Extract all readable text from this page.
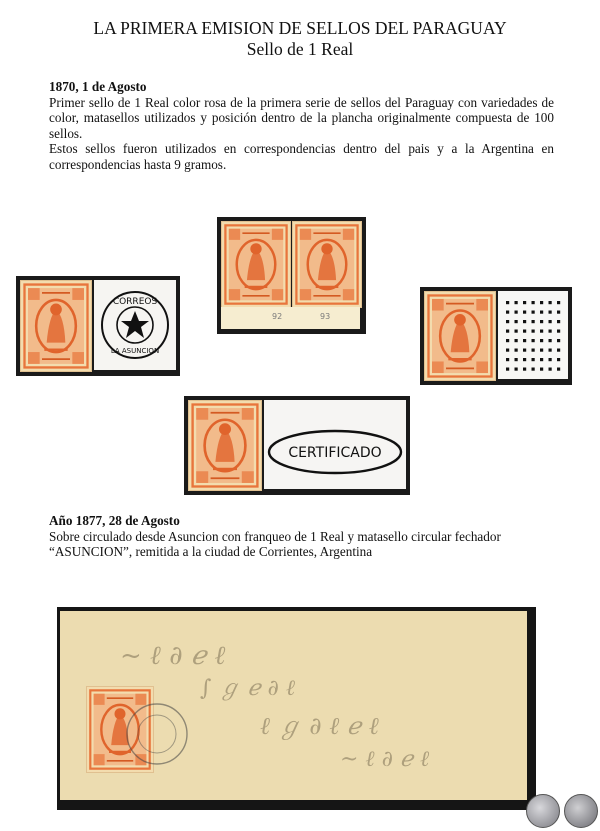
LA PRIMERA EMISION DE SELLOS DEL PARAGUAY
Sello de 1 Real
1870, 1 de Agosto

Primer sello de 1 Real color rosa de la primera serie de sellos del Paraguay con variedades de color, matasellos utilizados y posición dentro de la plancha originalmente compuesta de 100 sellos.

Estos sellos fueron utilizados en correspondencias dentro del pais y a la Argentina en correspondencias hasta 9 gramos.

92	93
CORREOS
LA ASUNCION
CERTIFICADO
Año 1877, 28 de Agosto

Sobre circulado desde Asuncion con franqueo de 1 Real y matasello circular fechador “ASUNCION”, remitida a la ciudad de Corrientes, Argentina

~ ℓ ∂ ℯ ℓ
∫ ℊ ℯ ∂ ℓ
ℓ ℊ ∂ ℓ ℯ ℓ
~ ℓ ∂ ℯ ℓ
